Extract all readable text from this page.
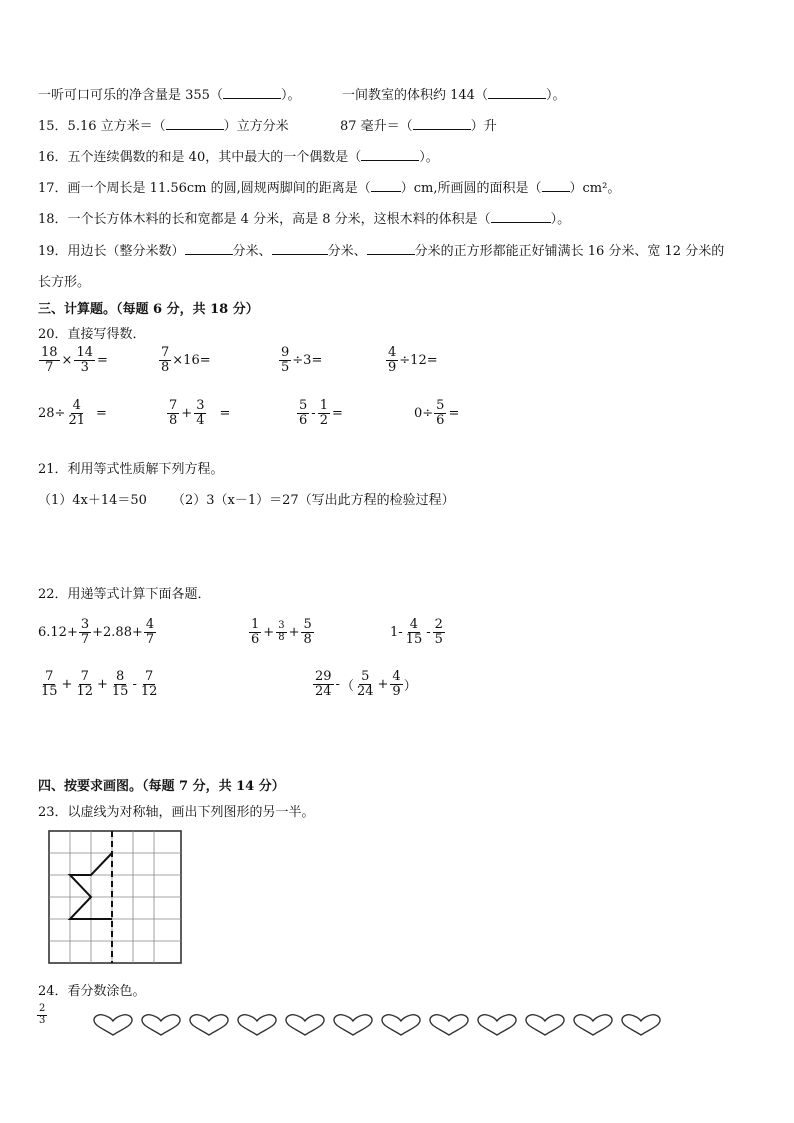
一听可口可乐的净含量是 355（	）。	一间教室的体积约 144（	）。
15．5.16 立方米＝（	）立方分米	87 毫升＝（	）升
16．五个连续偶数的和是 40，其中最大的一个偶数是（	）。
17．画一个周长是 11.56cm 的圆,圆规两脚间的距离是（ ）cm,所画圆的面积是（ ）cm²。
18．一个长方体木料的长和宽都是 4 分米，高是 8 分米，这根木料的体积是（	）。
19．用边长（整分米数）	分米、	分米、	分米的正方形都能正好铺满长 16 分米、宽 12 分米的
长方形。
三、计算题。（每题 6 分，共 18 分）
20．直接写得数．
$\frac{18}{7} \times \frac{14}{3}$ =	$\frac{7}{8} \times 16=$	$\frac{9}{5} \div 3=$	$\frac{4}{9} \div 12=$
$28\div \frac{4}{21}$ =	$\frac{7}{8} + \frac{3}{4}$ =	$\frac{5}{6} - \frac{1}{2}$ =	$0\div \frac{5}{6}$ =
21．利用等式性质解下列方程。
（1）4x＋14＝50 （2）3（x－1）＝27（写出此方程的检验过程）
22．用递等式计算下面各题．
$6.12+ \frac{3}{7} +2.88+ \frac{4}{7}$	$\frac{1}{6} + \frac{3}{8} + \frac{5}{8}$	$1- \frac{4}{15} - \frac{2}{5}$
$\frac{7}{15} + \frac{7}{12} + \frac{8}{15} - \frac{7}{12}$	$\frac{29}{24}$ - （ $\frac{5}{24} + \frac{4}{9}$ ）
四、按要求画图。（每题 7 分，共 14 分）
23．以虚线为对称轴，画出下列图形的另一半。
24．看分数涂色。
$\frac{2}{3}$
